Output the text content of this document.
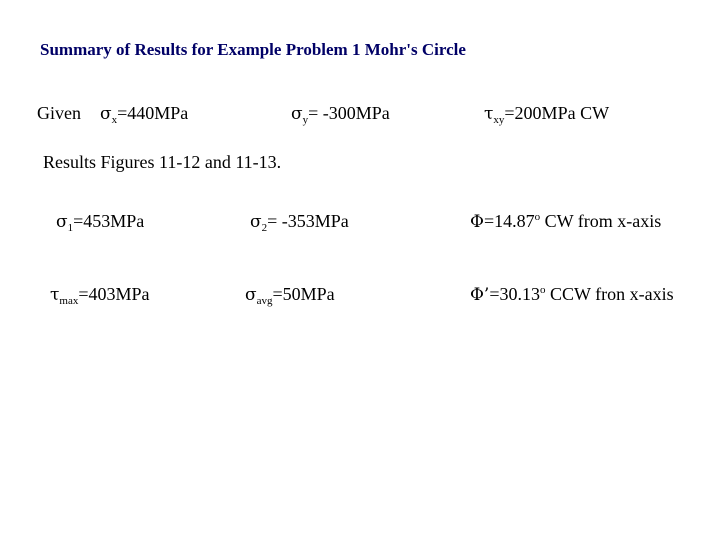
Summary of Results for Example Problem 1 Mohr's Circle
Given $\sigma_x=440MPa$	$\sigma_y= -300MPa$	$\tau_{xy}=200MPa$ CW
Results Figures 11-12 and 11-13.
$\sigma_1=453MPa$	$\sigma_2= -353MPa$	$\Phi=14.87^o$ CW from x-axis
$\tau_{max}=403MPa$	$\sigma_{avg}=50MPa$	$\Phi’=30.13^o$ CCW fron x-axis
